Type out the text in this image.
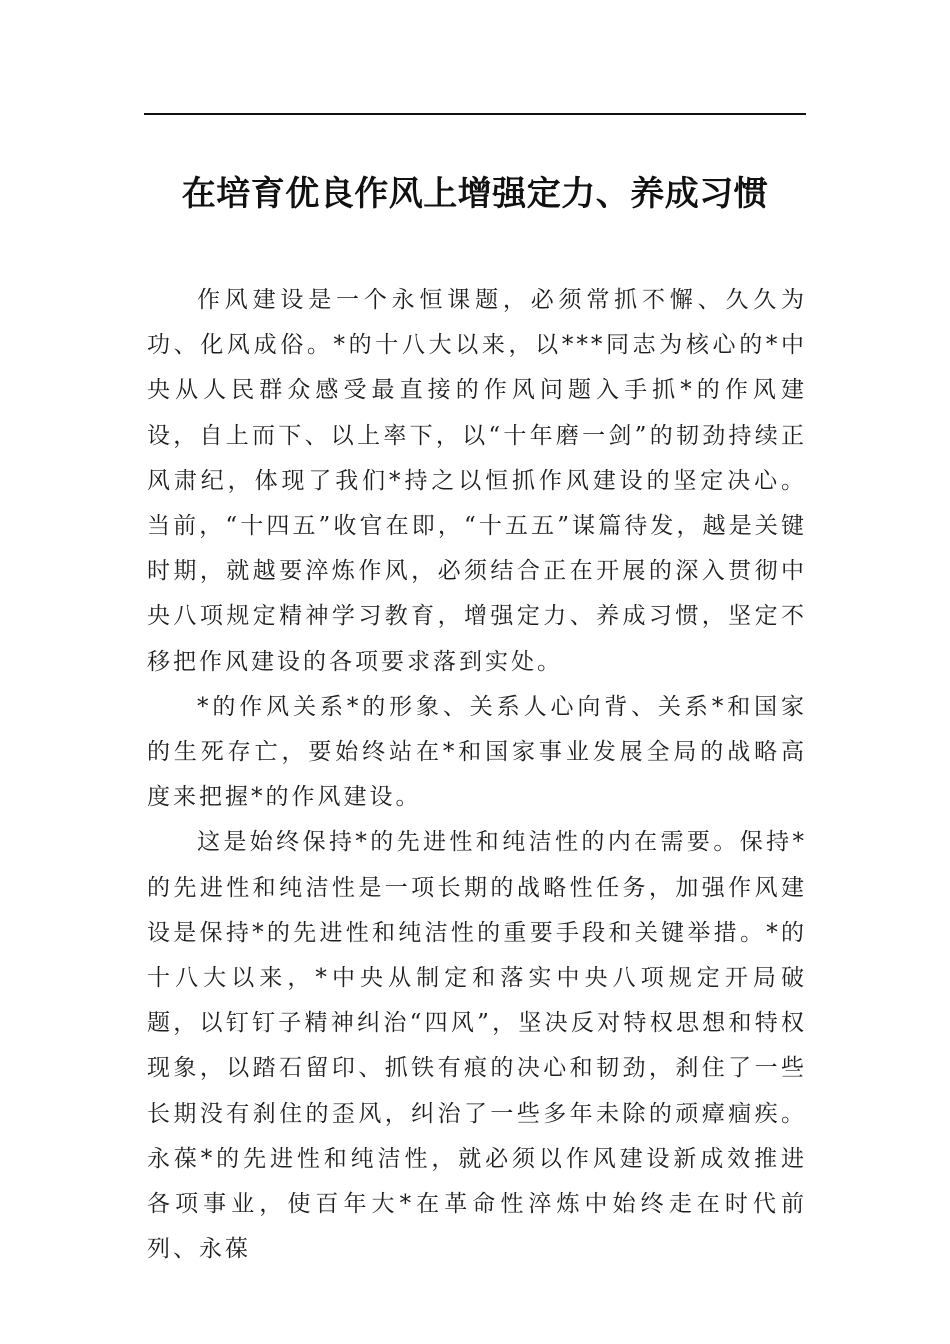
在培育优良作风上增强定力、养成习惯

作风建设是一个永恒课题，必须常抓不懈、久久为功、化风成俗。*的十八大以来，以***同志为核心的*中央从人民群众感受最直接的作风问题入手抓*的作风建设，自上而下、以上率下，以“十年磨一剑”的韧劲持续正风肃纪，体现了我们*持之以恒抓作风建设的坚定决心。当前，“十四五”收官在即，“十五五”谋篇待发，越是关键时期，就越要淬炼作风，必须结合正在开展的深入贯彻中央八项规定精神学习教育，增强定力、养成习惯，坚定不移把作风建设的各项要求落到实处。

*的作风关系*的形象、关系人心向背、关系*和国家的生死存亡，要始终站在*和国家事业发展全局的战略高度来把握*的作风建设。

这是始终保持*的先进性和纯洁性的内在需要。保持*的先进性和纯洁性是一项长期的战略性任务，加强作风建设是保持*的先进性和纯洁性的重要手段和关键举措。*的十八大以来，*中央从制定和落实中央八项规定开局破题，以钉钉子精神纠治“四风”，坚决反对特权思想和特权现象，以踏石留印、抓铁有痕的决心和韧劲，刹住了一些长期没有刹住的歪风，纠治了一些多年未除的顽瘴痼疾。永葆*的先进性和纯洁性，就必须以作风建设新成效推进各项事业，使百年大*在革命性淬炼中始终走在时代前列、永葆
